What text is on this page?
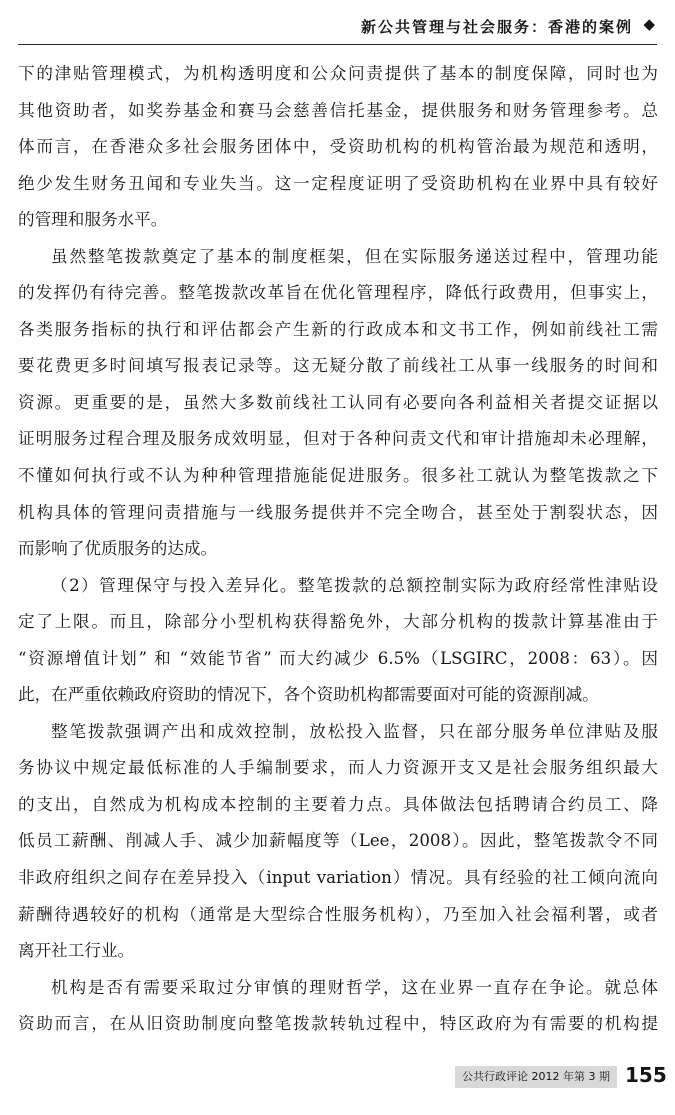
新公共管理与社会服务：香港的案例 ◆
下的津贴管理模式，为机构透明度和公众问责提供了基本的制度保障，同时也为
其他资助者，如奖券基金和赛马会慈善信托基金，提供服务和财务管理参考。总
体而言，在香港众多社会服务团体中，受资助机构的机构管治最为规范和透明，
绝少发生财务丑闻和专业失当。这一定程度证明了受资助机构在业界中具有较好
的管理和服务水平。
虽然整笔拨款奠定了基本的制度框架，但在实际服务递送过程中，管理功能
的发挥仍有待完善。整笔拨款改革旨在优化管理程序，降低行政费用，但事实上，
各类服务指标的执行和评估都会产生新的行政成本和文书工作，例如前线社工需
要花费更多时间填写报表记录等。这无疑分散了前线社工从事一线服务的时间和
资源。更重要的是，虽然大多数前线社工认同有必要向各利益相关者提交证据以
证明服务过程合理及服务成效明显，但对于各种问责文代和审计措施却未必理解，
不懂如何执行或不认为种种管理措施能促进服务。很多社工就认为整笔拨款之下
机构具体的管理问责措施与一线服务提供并不完全吻合，甚至处于割裂状态，因
而影响了优质服务的达成。
（2）管理保守与投入差异化。整笔拨款的总额控制实际为政府经常性津贴设
定了上限。而且，除部分小型机构获得豁免外，大部分机构的拨款计算基准由于
“资源增值计划” 和 “效能节省” 而大约减少 6.5%（LSGIRC，2008：63）。因
此，在严重依赖政府资助的情况下，各个资助机构都需要面对可能的资源削减。
整笔拨款强调产出和成效控制，放松投入监督，只在部分服务单位津贴及服
务协议中规定最低标准的人手编制要求，而人力资源开支又是社会服务组织最大
的支出，自然成为机构成本控制的主要着力点。具体做法包括聘请合约员工、降
低员工薪酬、削减人手、减少加薪幅度等（Lee，2008）。因此，整笔拨款令不同
非政府组织之间存在差异投入（input variation）情况。具有经验的社工倾向流向
薪酬待遇较好的机构（通常是大型综合性服务机构），乃至加入社会福利署，或者
离开社工行业。
机构是否有需要采取过分审慎的理财哲学，这在业界一直存在争论。就总体
资助而言，在从旧资助制度向整笔拨款转轨过程中，特区政府为有需要的机构提
公共行政评论 2012 年第 3 期 155
